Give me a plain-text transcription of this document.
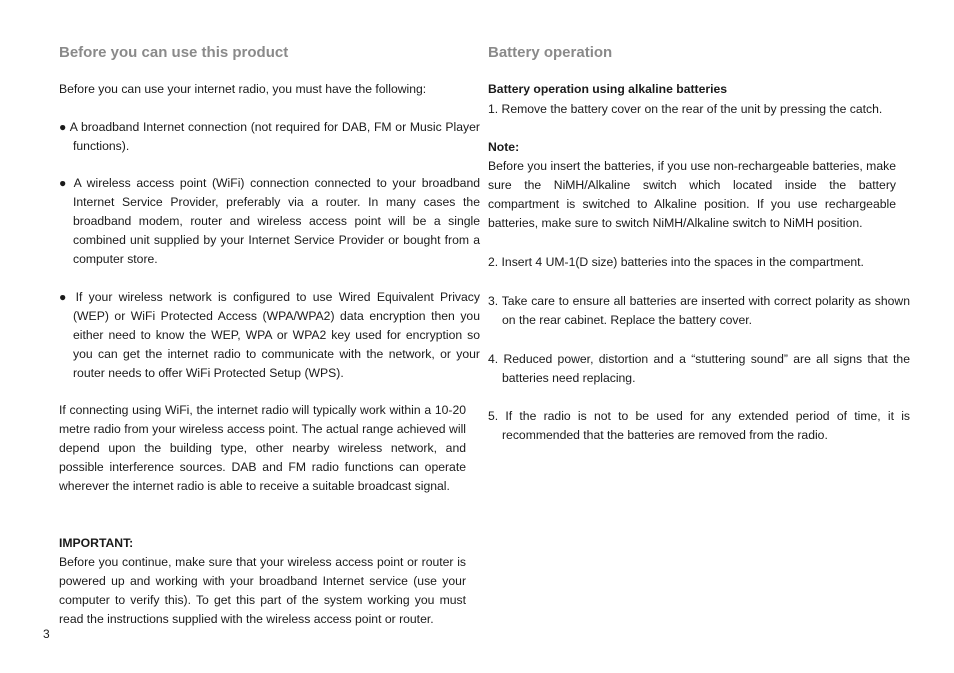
Before you can use this product

Before you can use your internet radio, you must have the following:

● A broadband Internet connection (not required for DAB, FM or Music Player functions).

● A wireless access point (WiFi) connection connected to your broadband Internet Service Provider, preferably via a router. In many cases the broadband modem, router and wireless access point will be a single combined unit supplied by your Internet Service Provider or bought from a computer store.

● If your wireless network is configured to use Wired Equivalent Privacy (WEP) or WiFi Protected Access (WPA/WPA2) data encryption then you either need to know the WEP, WPA or WPA2 key used for encryption so you can get the internet radio to communicate with the network, or your router needs to offer WiFi Protected Setup (WPS).

If connecting using WiFi, the internet radio will typically work within a 10-20 metre radio from your wireless access point. The actual range achieved will depend upon the building type, other nearby wireless network, and possible interference sources. DAB and FM radio functions can operate wherever the internet radio is able to receive a suitable broadcast signal.

IMPORTANT:

Before you continue, make sure that your wireless access point or router is powered up and working with your broadband Internet service (use your computer to verify this). To get this part of the system working you must read the instructions supplied with the wireless access point or router.

Battery operation

Battery operation using alkaline batteries

1. Remove the battery cover on the rear of the unit by pressing the catch.

Note:

Before you insert the batteries, if you use non-rechargeable batteries, make sure the NiMH/Alkaline switch which located inside the battery compartment is switched to Alkaline position. If you use rechargeable batteries, make sure to switch NiMH/Alkaline switch to NiMH position.

2. Insert 4 UM-1(D size) batteries into the spaces in the compartment.

3. Take care to ensure all batteries are inserted with correct polarity as shown on the rear cabinet. Replace the battery cover.

4. Reduced power, distortion and a “stuttering sound” are all signs that the batteries need replacing.

5. If the radio is not to be used for any extended period of time, it is recommended that the batteries are removed from the radio.

3
